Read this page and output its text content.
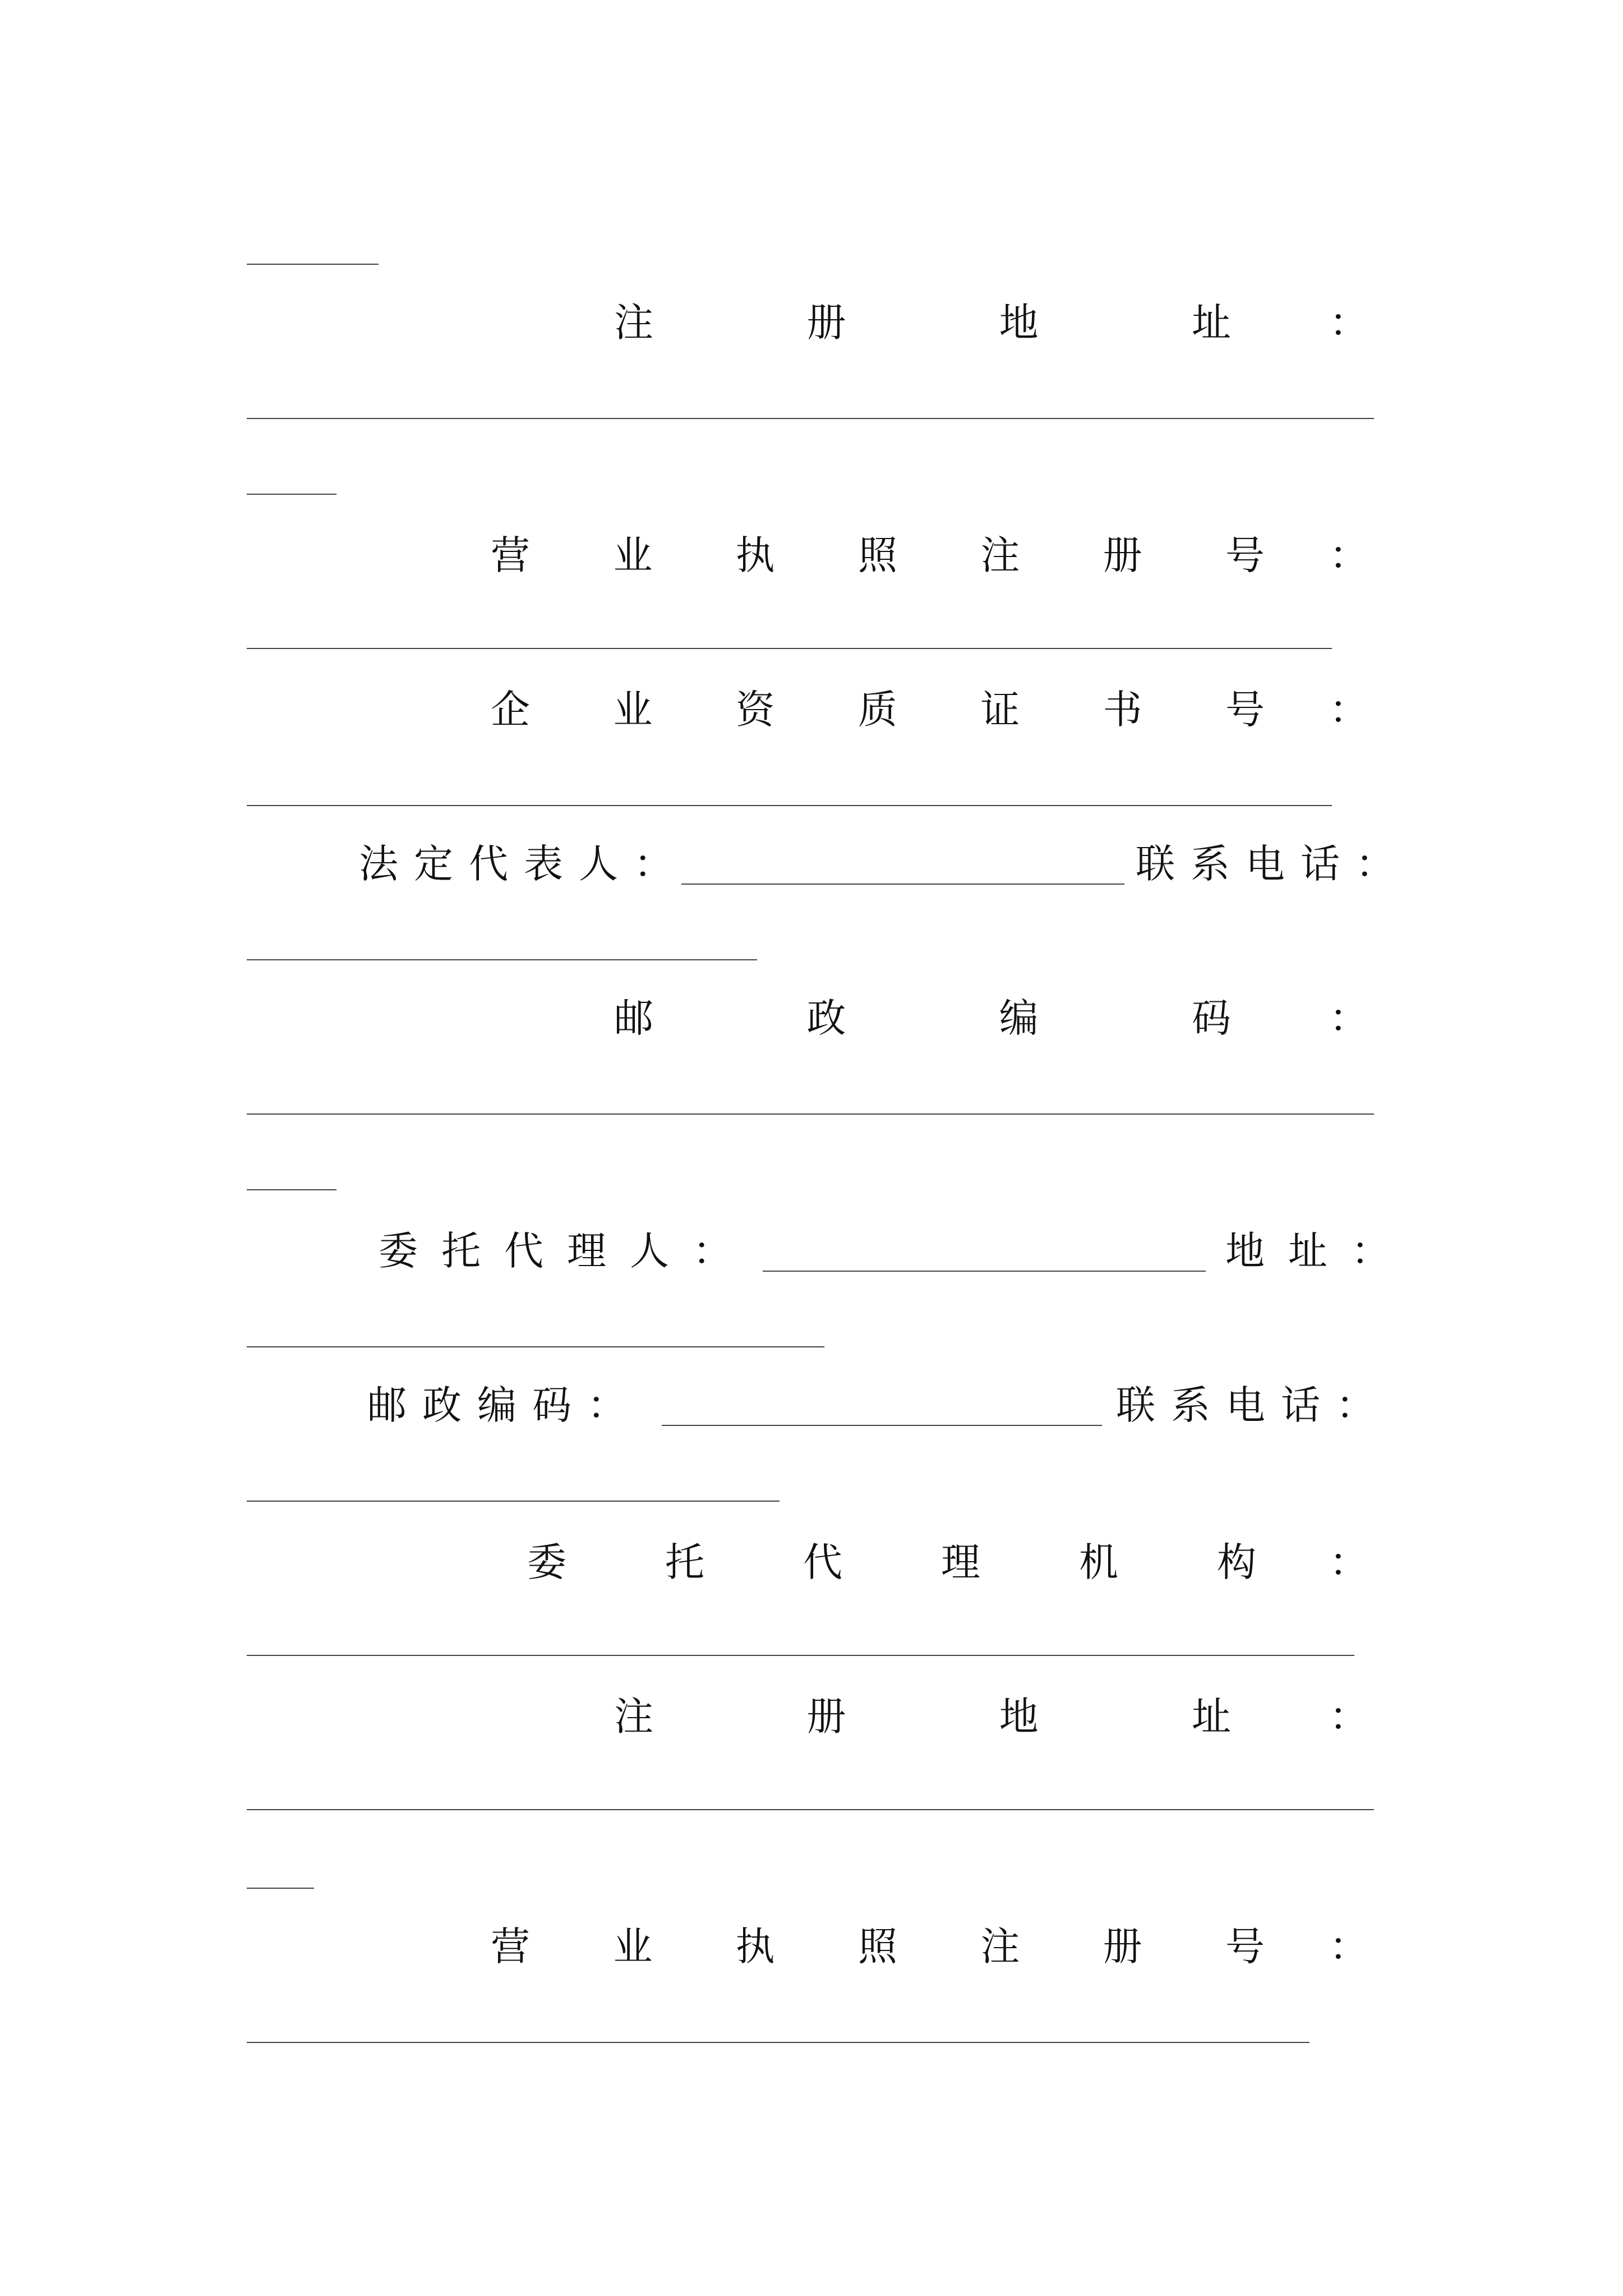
注	册	地	址	：
营 业 执 照 注 册 号 ：
企 业 资 质 证 书 号 ：
法定代表人：	联系电话：
邮	政	编	码	：
委托代理人：	地址：
邮政编码：	联系电话：
委	托	代	理	机	构 ：
注	册	地	址	：
营 业 执 照 注 册 号 ：
